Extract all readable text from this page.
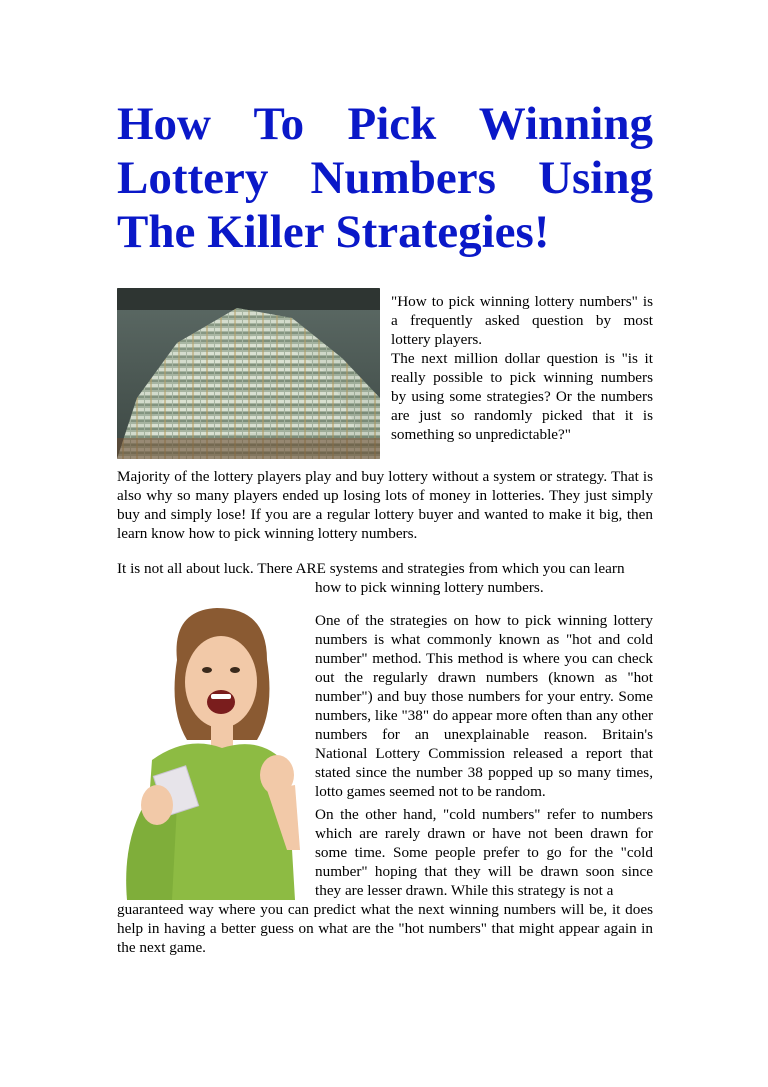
How To Pick Winning Lottery Numbers Using The Killer Strategies!

"How to pick winning lottery numbers" is a frequently asked question by most lottery players.

The next million dollar question is "is it really possible to pick winning numbers by using some strategies? Or the numbers are just so randomly picked that it is something so unpredictable?"

Majority of the lottery players play and buy lottery without a system or strategy. That is also why so many players ended up losing lots of money in lotteries. They just simply buy and simply lose! If you are a regular lottery buyer and wanted to make it big, then learn know how to pick winning lottery numbers.

It is not all about luck. There ARE systems and strategies from which you can learn

how to pick winning lottery numbers.

One of the strategies on how to pick winning lottery numbers is what commonly known as "hot and cold number" method. This method is where you can check out the regularly drawn numbers (known as "hot number") and buy those numbers for your entry. Some numbers, like "38" do appear more often than any other numbers for an unexplainable reason. Britain's National Lottery Commission released a report that stated since the number 38 popped up so many times, lotto games seemed not to be random.

On the other hand, "cold numbers" refer to numbers which are rarely drawn or have not been drawn for some time. Some people prefer to go for the "cold number" hoping that they will be drawn soon since they are lesser drawn. While this strategy is not a

guaranteed way where you can predict what the next winning numbers will be, it does help in having a better guess on what are the "hot numbers" that might appear again in the next game.
